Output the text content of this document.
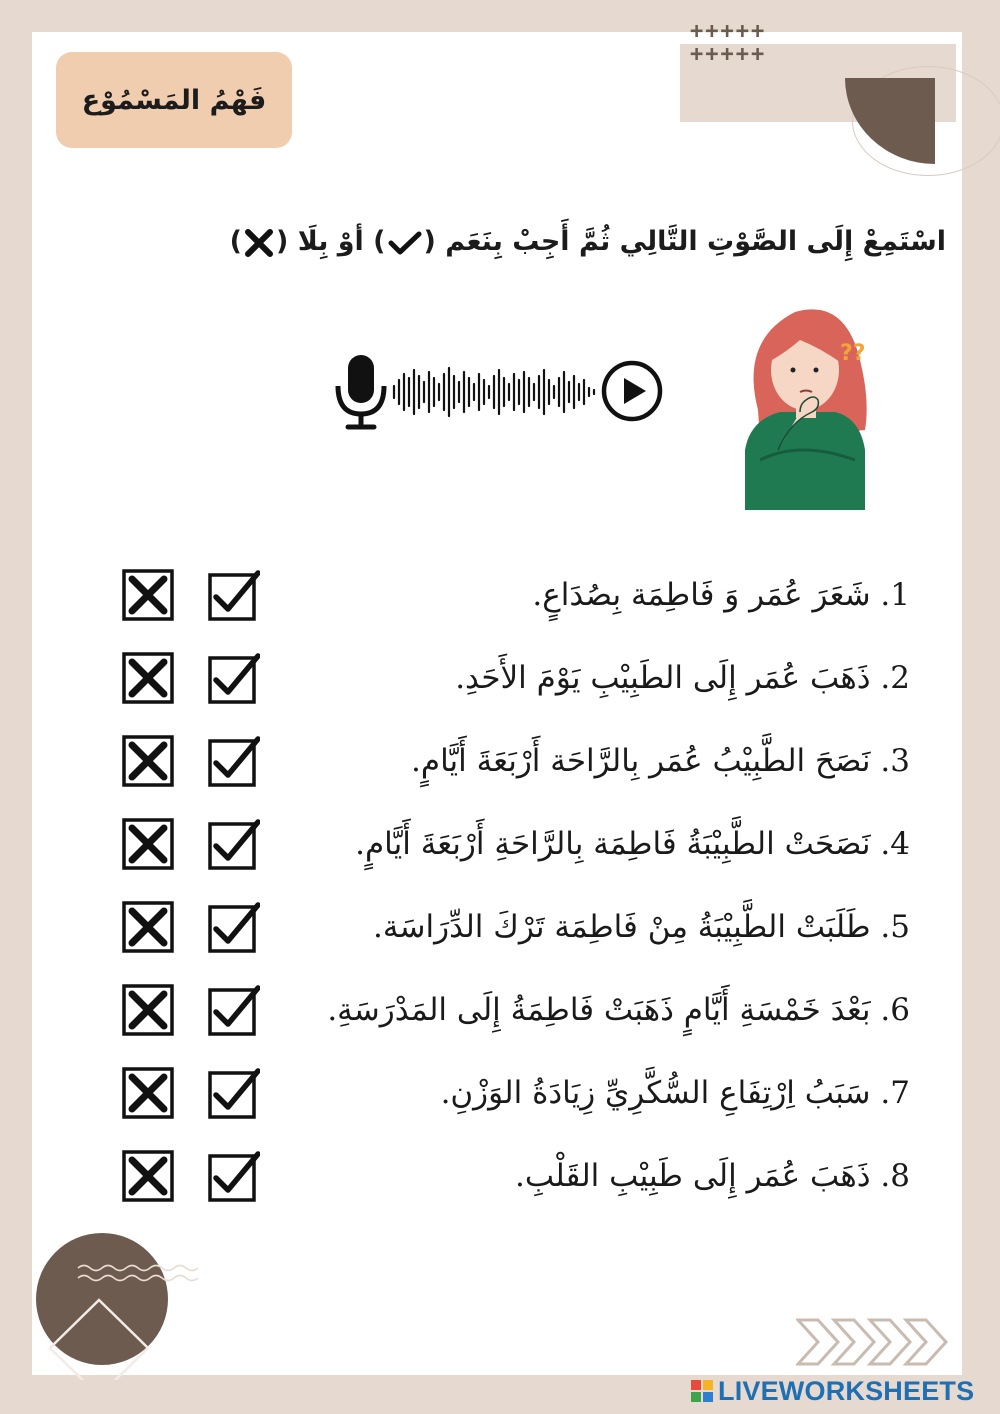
+++++
+++++
فَهْمُ المَسْمُوْع
اسْتَمِعْ إِلَى الصَّوْتِ التَّالِي ثُمَّ أَجِبْ بِنَعَم () أوْ بِلَا ()
??
1. شَعَرَ عُمَر وَ فَاطِمَة بِصُدَاعٍ.
2. ذَهَبَ عُمَر إِلَى الطَبِيْبِ يَوْمَ الأَحَدِ.
3. نَصَحَ الطَّبِيْبُ عُمَر بِالرَّاحَة أَرْبَعَةَ أَيَّامٍ.
4. نَصَحَتْ الطَّبِيْبَةُ فَاطِمَة بِالرَّاحَةِ أَرْبَعَةَ أَيَّامٍ.
5. طَلَبَتْ الطَّبِيْبَةُ مِنْ فَاطِمَة تَرْكَ الدِّرَاسَة.
6. بَعْدَ خَمْسَةِ أَيَّامٍ ذَهَبَتْ فَاطِمَةُ إِلَى المَدْرَسَةِ.
7. سَبَبُ اِرْتِفَاعِ السُّكَّرِيِّ زِيَادَةُ الوَزْنِ.
8. ذَهَبَ عُمَر إِلَى طَبِيْبِ القَلْبِ.
LIVEWORKSHEETS
